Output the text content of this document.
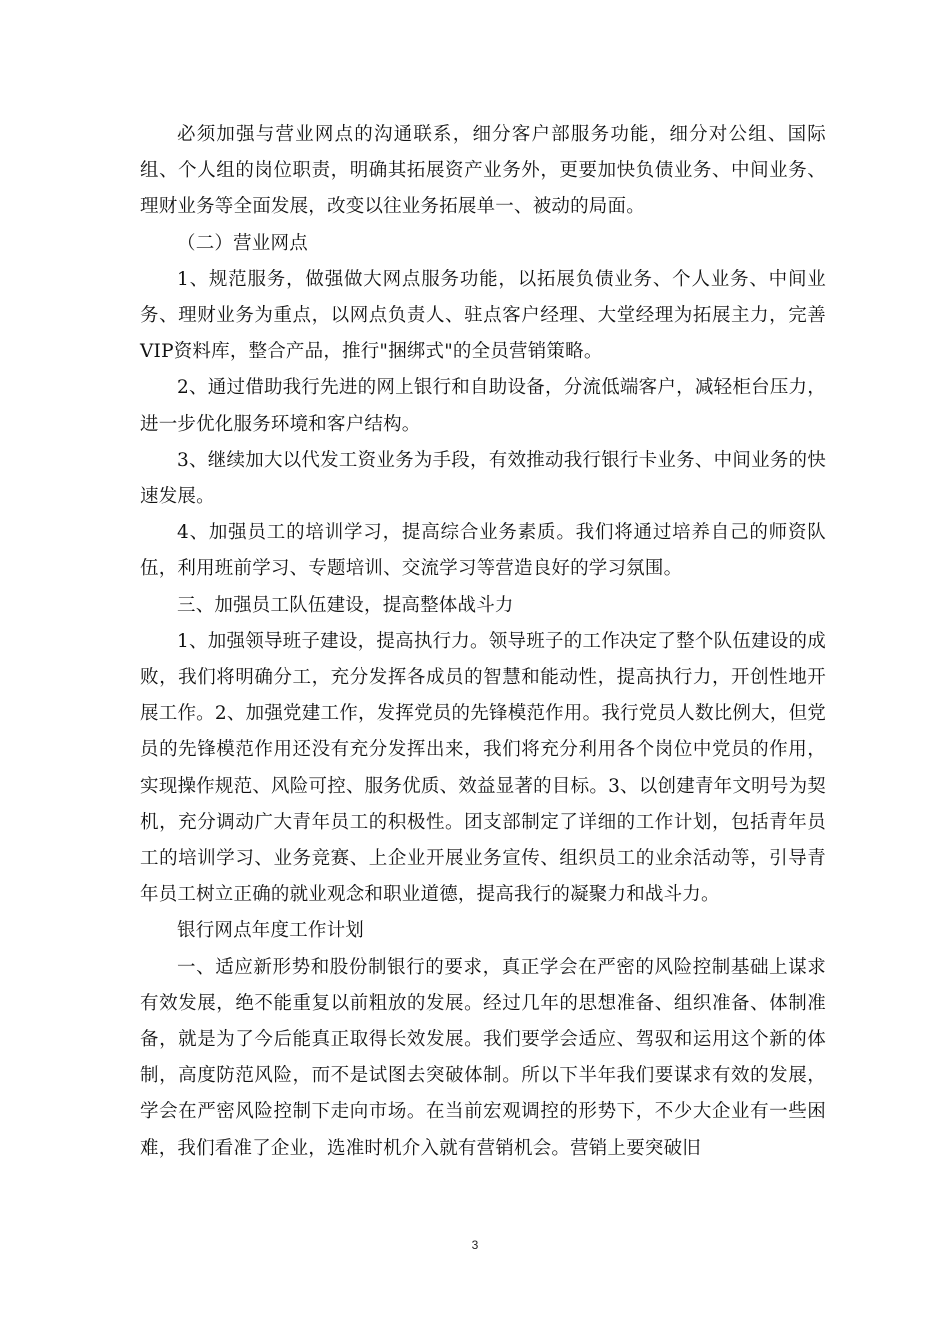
必须加强与营业网点的沟通联系，细分客户部服务功能，细分对公组、国际组、个人组的岗位职责，明确其拓展资产业务外，更要加快负债业务、中间业务、理财业务等全面发展，改变以往业务拓展单一、被动的局面。

（二）营业网点

1、规范服务，做强做大网点服务功能，以拓展负债业务、个人业务、中间业务、理财业务为重点，以网点负责人、驻点客户经理、大堂经理为拓展主力，完善VIP资料库，整合产品，推行"捆绑式"的全员营销策略。

2、通过借助我行先进的网上银行和自助设备，分流低端客户，减轻柜台压力，进一步优化服务环境和客户结构。

3、继续加大以代发工资业务为手段，有效推动我行银行卡业务、中间业务的快速发展。

4、加强员工的培训学习，提高综合业务素质。我们将通过培养自己的师资队伍，利用班前学习、专题培训、交流学习等营造良好的学习氛围。

三、加强员工队伍建设，提高整体战斗力

1、加强领导班子建设，提高执行力。领导班子的工作决定了整个队伍建设的成败，我们将明确分工，充分发挥各成员的智慧和能动性，提高执行力，开创性地开展工作。2、加强党建工作，发挥党员的先锋模范作用。我行党员人数比例大，但党员的先锋模范作用还没有充分发挥出来，我们将充分利用各个岗位中党员的作用，实现操作规范、风险可控、服务优质、效益显著的目标。3、以创建青年文明号为契机，充分调动广大青年员工的积极性。团支部制定了详细的工作计划，包括青年员工的培训学习、业务竞赛、上企业开展业务宣传、组织员工的业余活动等，引导青年员工树立正确的就业观念和职业道德，提高我行的凝聚力和战斗力。

银行网点年度工作计划

一、适应新形势和股份制银行的要求，真正学会在严密的风险控制基础上谋求有效发展，绝不能重复以前粗放的发展。经过几年的思想准备、组织准备、体制准备，就是为了今后能真正取得长效发展。我们要学会适应、驾驭和运用这个新的体制，高度防范风险，而不是试图去突破体制。所以下半年我们要谋求有效的发展，学会在严密风险控制下走向市场。在当前宏观调控的形势下，不少大企业有一些困难，我们看准了企业，选准时机介入就有营销机会。营销上要突破旧

3
